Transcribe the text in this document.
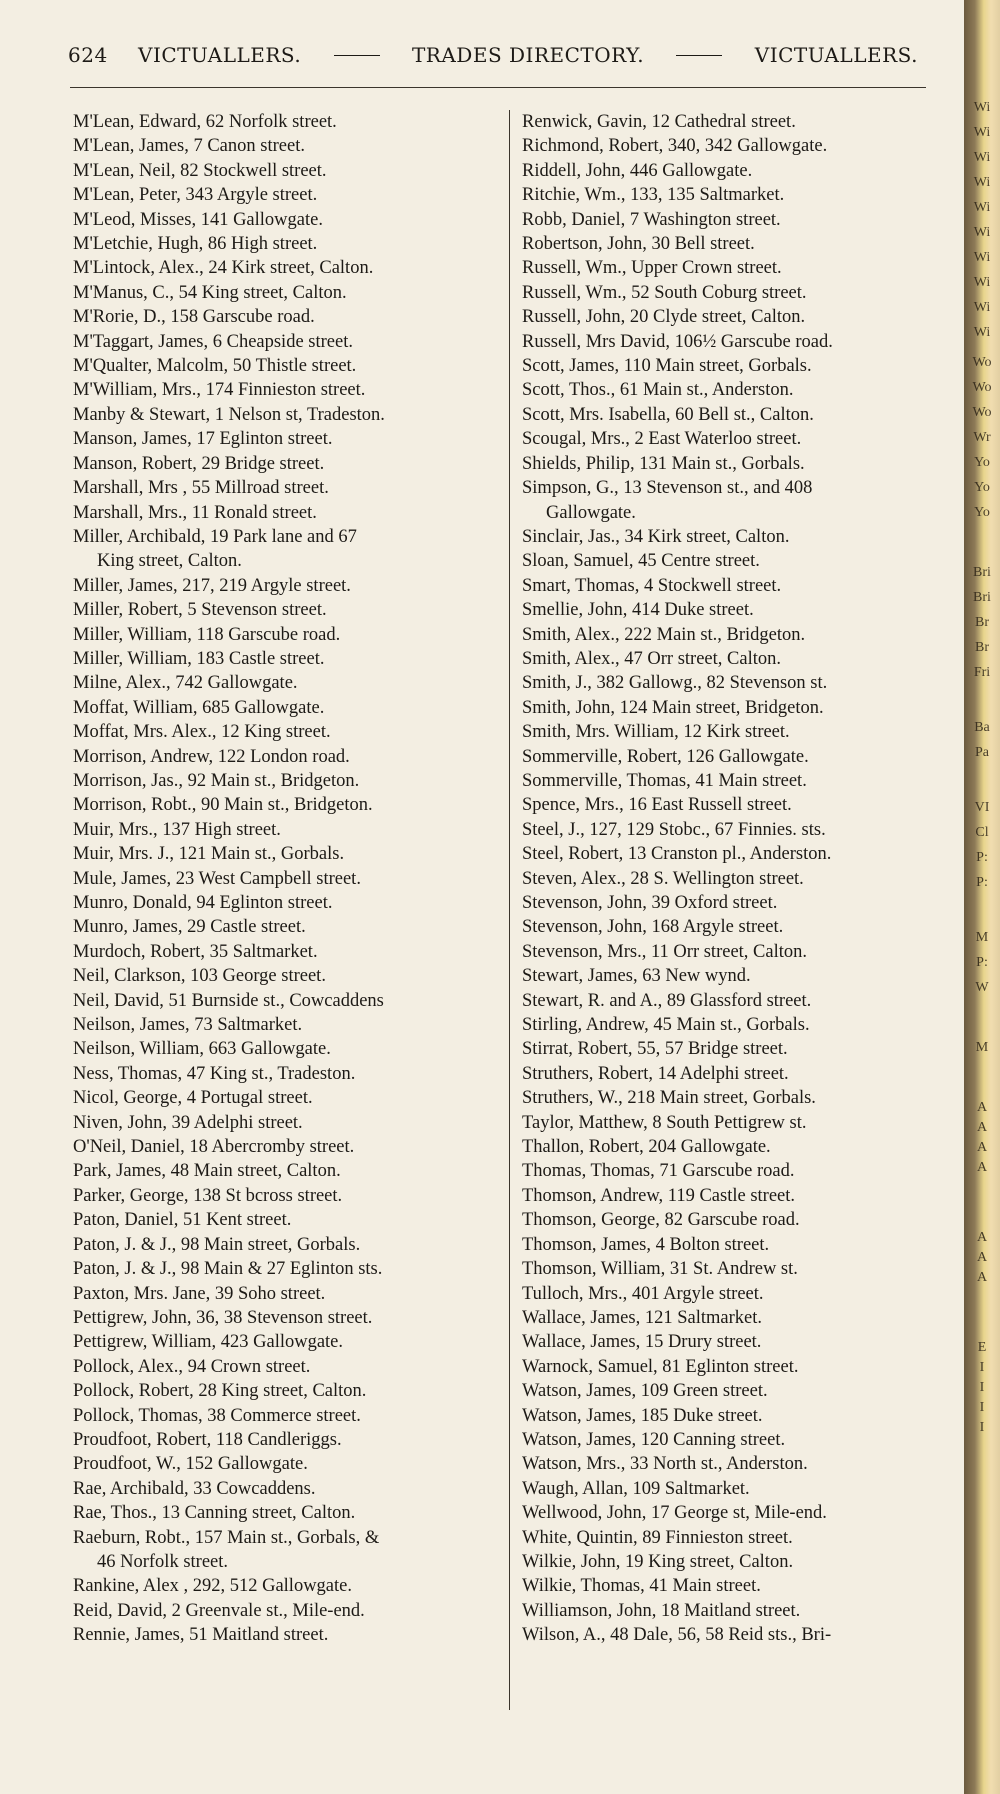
624 VICTUALLERS.	TRADES DIRECTORY.	VICTUALLERS.
M'Lean, Edward, 62 Norfolk street.
M'Lean, James, 7 Canon street.
M'Lean, Neil, 82 Stockwell street.
M'Lean, Peter, 343 Argyle street.
M'Leod, Misses, 141 Gallowgate.
M'Letchie, Hugh, 86 High street.
M'Lintock, Alex., 24 Kirk street, Calton.
M'Manus, C., 54 King street, Calton.
M'Rorie, D., 158 Garscube road.
M'Taggart, James, 6 Cheapside street.
M'Qualter, Malcolm, 50 Thistle street.
M'William, Mrs., 174 Finnieston street.
Manby & Stewart, 1 Nelson st, Tradeston.
Manson, James, 17 Eglinton street.
Manson, Robert, 29 Bridge street.
Marshall, Mrs , 55 Millroad street.
Marshall, Mrs., 11 Ronald street.
Miller, Archibald, 19 Park lane and 67
King street, Calton.
Miller, James, 217, 219 Argyle street.
Miller, Robert, 5 Stevenson street.
Miller, William, 118 Garscube road.
Miller, William, 183 Castle street.
Milne, Alex., 742 Gallowgate.
Moffat, William, 685 Gallowgate.
Moffat, Mrs. Alex., 12 King street.
Morrison, Andrew, 122 London road.
Morrison, Jas., 92 Main st., Bridgeton.
Morrison, Robt., 90 Main st., Bridgeton.
Muir, Mrs., 137 High street.
Muir, Mrs. J., 121 Main st., Gorbals.
Mule, James, 23 West Campbell street.
Munro, Donald, 94 Eglinton street.
Munro, James, 29 Castle street.
Murdoch, Robert, 35 Saltmarket.
Neil, Clarkson, 103 George street.
Neil, David, 51 Burnside st., Cowcaddens
Neilson, James, 73 Saltmarket.
Neilson, William, 663 Gallowgate.
Ness, Thomas, 47 King st., Tradeston.
Nicol, George, 4 Portugal street.
Niven, John, 39 Adelphi street.
O'Neil, Daniel, 18 Abercromby street.
Park, James, 48 Main street, Calton.
Parker, George, 138 St bcross street.
Paton, Daniel, 51 Kent street.
Paton, J. & J., 98 Main street, Gorbals.
Paton, J. & J., 98 Main & 27 Eglinton sts.
Paxton, Mrs. Jane, 39 Soho street.
Pettigrew, John, 36, 38 Stevenson street.
Pettigrew, William, 423 Gallowgate.
Pollock, Alex., 94 Crown street.
Pollock, Robert, 28 King street, Calton.
Pollock, Thomas, 38 Commerce street.
Proudfoot, Robert, 118 Candleriggs.
Proudfoot, W., 152 Gallowgate.
Rae, Archibald, 33 Cowcaddens.
Rae, Thos., 13 Canning street, Calton.
Raeburn, Robt., 157 Main st., Gorbals, &
46 Norfolk street.
Rankine, Alex , 292, 512 Gallowgate.
Reid, David, 2 Greenvale st., Mile-end.
Rennie, James, 51 Maitland street.
Renwick, Gavin, 12 Cathedral street.
Richmond, Robert, 340, 342 Gallowgate.
Riddell, John, 446 Gallowgate.
Ritchie, Wm., 133, 135 Saltmarket.
Robb, Daniel, 7 Washington street.
Robertson, John, 30 Bell street.
Russell, Wm., Upper Crown street.
Russell, Wm., 52 South Coburg street.
Russell, John, 20 Clyde street, Calton.
Russell, Mrs David, 106½ Garscube road.
Scott, James, 110 Main street, Gorbals.
Scott, Thos., 61 Main st., Anderston.
Scott, Mrs. Isabella, 60 Bell st., Calton.
Scougal, Mrs., 2 East Waterloo street.
Shields, Philip, 131 Main st., Gorbals.
Simpson, G., 13 Stevenson st., and 408
Gallowgate.
Sinclair, Jas., 34 Kirk street, Calton.
Sloan, Samuel, 45 Centre street.
Smart, Thomas, 4 Stockwell street.
Smellie, John, 414 Duke street.
Smith, Alex., 222 Main st., Bridgeton.
Smith, Alex., 47 Orr street, Calton.
Smith, J., 382 Gallowg., 82 Stevenson st.
Smith, John, 124 Main street, Bridgeton.
Smith, Mrs. William, 12 Kirk street.
Sommerville, Robert, 126 Gallowgate.
Sommerville, Thomas, 41 Main street.
Spence, Mrs., 16 East Russell street.
Steel, J., 127, 129 Stobc., 67 Finnies. sts.
Steel, Robert, 13 Cranston pl., Anderston.
Steven, Alex., 28 S. Wellington street.
Stevenson, John, 39 Oxford street.
Stevenson, John, 168 Argyle street.
Stevenson, Mrs., 11 Orr street, Calton.
Stewart, James, 63 New wynd.
Stewart, R. and A., 89 Glassford street.
Stirling, Andrew, 45 Main st., Gorbals.
Stirrat, Robert, 55, 57 Bridge street.
Struthers, Robert, 14 Adelphi street.
Struthers, W., 218 Main street, Gorbals.
Taylor, Matthew, 8 South Pettigrew st.
Thallon, Robert, 204 Gallowgate.
Thomas, Thomas, 71 Garscube road.
Thomson, Andrew, 119 Castle street.
Thomson, George, 82 Garscube road.
Thomson, James, 4 Bolton street.
Thomson, William, 31 St. Andrew st.
Tulloch, Mrs., 401 Argyle street.
Wallace, James, 121 Saltmarket.
Wallace, James, 15 Drury street.
Warnock, Samuel, 81 Eglinton street.
Watson, James, 109 Green street.
Watson, James, 185 Duke street.
Watson, James, 120 Canning street.
Watson, Mrs., 33 North st., Anderston.
Waugh, Allan, 109 Saltmarket.
Wellwood, John, 17 George st, Mile-end.
White, Quintin, 89 Finnieston street.
Wilkie, John, 19 King street, Calton.
Wilkie, Thomas, 41 Main street.
Williamson, John, 18 Maitland street.
Wilson, A., 48 Dale, 56, 58 Reid sts., Bri-
Wi
Wi
Wi
Wi
Wi
Wi
Wi
Wi
Wi
Wi
Wo
Wo
Wo
Wr
Yo
Yo
Yo
Bri
Bri
Br
Br
Fri
Ba
Pa
VI
Cl
P:
P:
M
P:
W
M
A
A
A
A
A
A
A
E
I
I
I
I
